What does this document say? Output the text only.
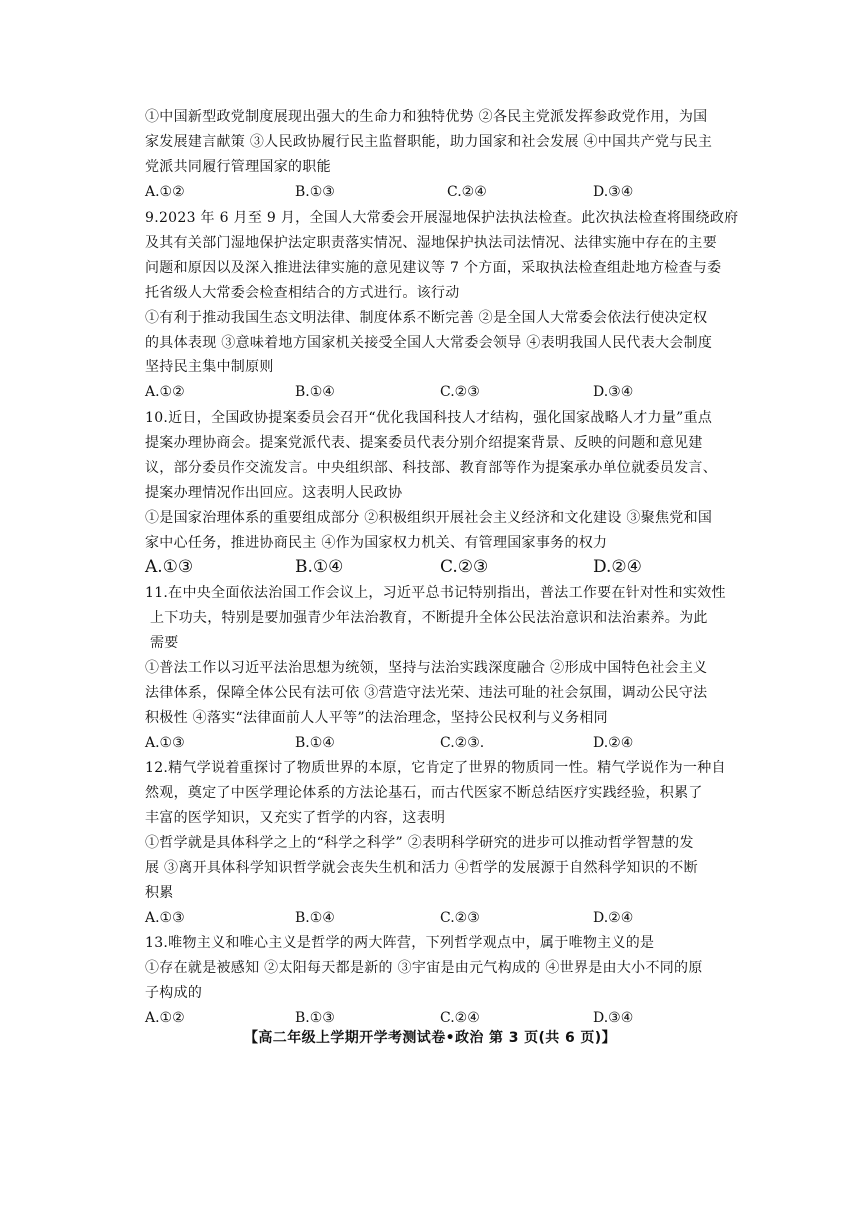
①中国新型政党制度展现出强大的生命力和独特优势 ②各民主党派发挥参政党作用，为国
家发展建言献策 ③人民政协履行民主监督职能，助力国家和社会发展 ④中国共产党与民主
党派共同履行管理国家的职能
A.①②	B.①③	C.②④	D.③④
9.2023 年 6 月至 9 月，全国人大常委会开展湿地保护法执法检查。此次执法检查将围绕政府
及其有关部门湿地保护法定职责落实情况、湿地保护执法司法情况、法律实施中存在的主要
问题和原因以及深入推进法律实施的意见建议等 7 个方面，采取执法检查组赴地方检查与委
托省级人大常委会检查相结合的方式进行。该行动
①有利于推动我国生态文明法律、制度体系不断完善 ②是全国人大常委会依法行使决定权
的具体表现 ③意味着地方国家机关接受全国人大常委会领导 ④表明我国人民代表大会制度
坚持民主集中制原则
A.①②	B.①④	C.②③	D.③④
10.近日，全国政协提案委员会召开“优化我国科技人才结构，强化国家战略人才力量”重点
提案办理协商会。提案党派代表、提案委员代表分别介绍提案背景、反映的问题和意见建
议，部分委员作交流发言。中央组织部、科技部、教育部等作为提案承办单位就委员发言、
提案办理情况作出回应。这表明人民政协
①是国家治理体系的重要组成部分 ②积极组织开展社会主义经济和文化建设 ③聚焦党和国
家中心任务，推进协商民主 ④作为国家权力机关、有管理国家事务的权力
A.①③	B.①④	C.②③	D.②④
11.在中央全面依法治国工作会议上，习近平总书记特别指出，普法工作要在针对性和实效性
上下功夫，特别是要加强青少年法治教育，不断提升全体公民法治意识和法治素养。为此
需要
①普法工作以习近平法治思想为统领，坚持与法治实践深度融合 ②形成中国特色社会主义
法律体系，保障全体公民有法可依 ③营造守法光荣、违法可耻的社会氛围，调动公民守法
积极性 ④落实“法律面前人人平等”的法治理念，坚持公民权利与义务相同
A.①③	B.①④	C.②③.	D.②④
12.精气学说着重探讨了物质世界的本原，它肯定了世界的物质同一性。精气学说作为一种自
然观，奠定了中医学理论体系的方法论基石，而古代医家不断总结医疗实践经验，积累了
丰富的医学知识，又充实了哲学的内容，这表明
①哲学就是具体科学之上的“科学之科学” ②表明科学研究的进步可以推动哲学智慧的发
展 ③离开具体科学知识哲学就会丧失生机和活力 ④哲学的发展源于自然科学知识的不断
积累
A.①③	B.①④	C.②③	D.②④
13.唯物主义和唯心主义是哲学的两大阵营，下列哲学观点中，属于唯物主义的是
①存在就是被感知 ②太阳每天都是新的 ③宇宙是由元气构成的 ④世界是由大小不同的原
子构成的
A.①②	B.①③	C.②④	D.③④
【高二年级上学期开学考测试卷•政治 第 3 页(共 6 页)】
